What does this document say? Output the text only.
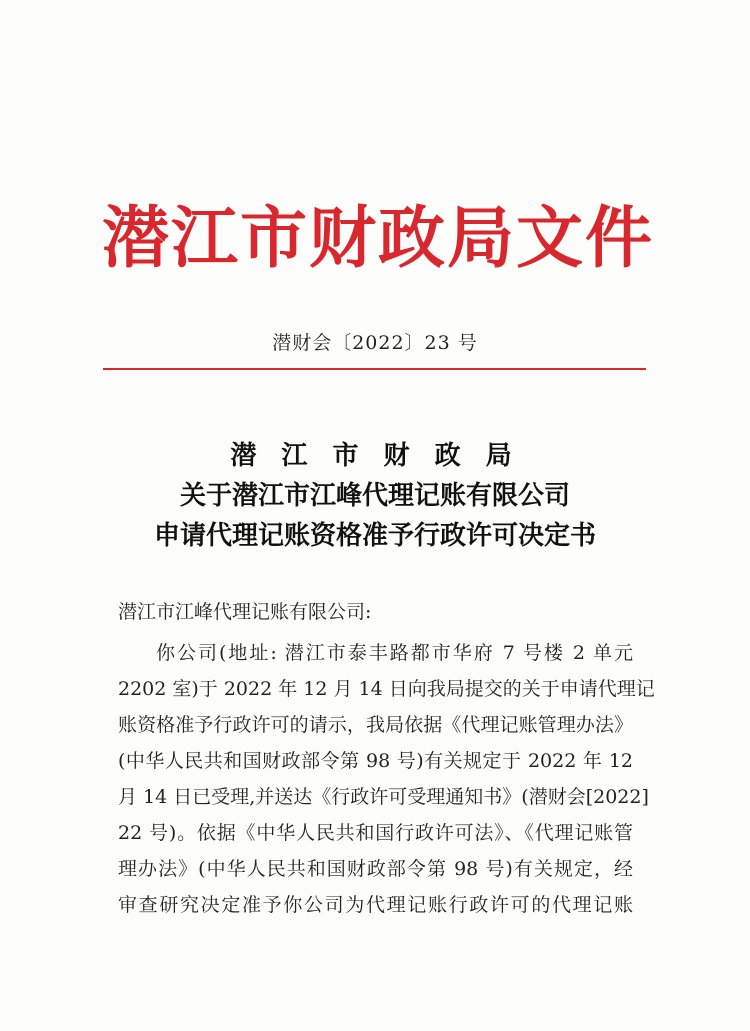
潜江市财政局文件
潜财会〔2022〕23 号
潜 江 市 财 政 局
关于潜江市江峰代理记账有限公司
申请代理记账资格准予行政许可决定书
潜江市江峰代理记账有限公司:
你公司(地址: 潜江市泰丰路都市华府 7 号楼 2 单元
2202 室)于 2022 年 12 月 14 日向我局提交的关于申请代理记
账资格准予行政许可的请示，我局依据《代理记账管理办法》
(中华人民共和国财政部令第 98 号)有关规定于 2022 年 12
月 14 日已受理,并送达《行政许可受理通知书》(潜财会[2022]
22 号)。依据《中华人民共和国行政许可法》、《代理记账管
理办法》(中华人民共和国财政部令第 98 号)有关规定，经
审查研究决定准予你公司为代理记账行政许可的代理记账
